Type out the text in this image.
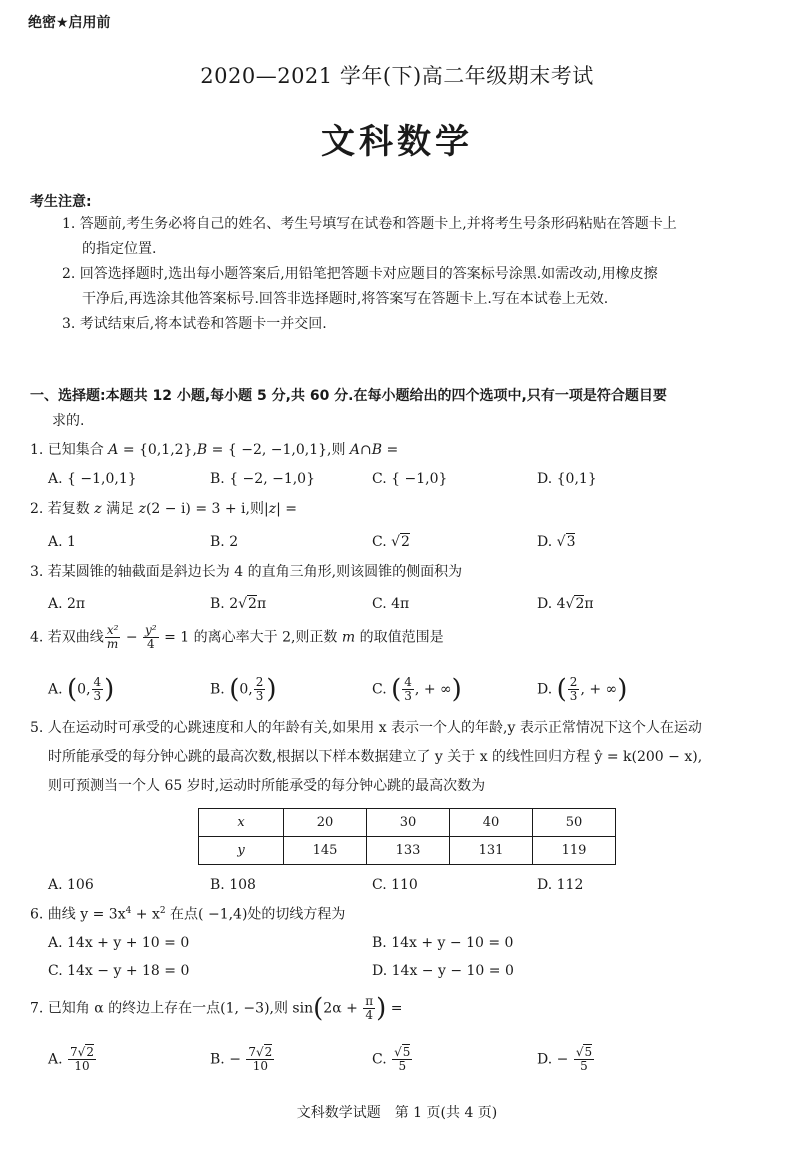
绝密★启用前
2020—2021 学年(下)高二年级期末考试
文科数学
考生注意:
1. 答题前,考生务必将自己的姓名、考生号填写在试卷和答题卡上,并将考生号条形码粘贴在答题卡上
的指定位置.
2. 回答选择题时,选出每小题答案后,用铅笔把答题卡对应题目的答案标号涂黑.如需改动,用橡皮擦
干净后,再选涂其他答案标号.回答非选择题时,将答案写在答题卡上.写在本试卷上无效.
3. 考试结束后,将本试卷和答题卡一并交回.
一、选择题:本题共 12 小题,每小题 5 分,共 60 分.在每小题给出的四个选项中,只有一项是符合题目要
求的.
1. 已知集合 A = {0,1,2},B = { −2, −1,0,1},则 A∩B =
A. { −1,0,1}	B. { −2, −1,0}	C. { −1,0}	D. {0,1}
2. 若复数 z 满足 z(2 − i) = 3 + i,则|z| =
A. 1	B. 2	C. √2	D. √3
3. 若某圆锥的轴截面是斜边长为 4 的直角三角形,则该圆锥的侧面积为
A. 2π	B. 2√2π	C. 4π	D. 4√2π
4. 若双曲线 $\frac{\text{x²}}{m} - \frac{\text{y²}}{4} = 1$ 的离心率大于 2,则正数 m 的取值范围是
A. (0, $\frac{4}{3}$ )	B. (0, $\frac{2}{3}$ )	C. ( $\frac{4}{3}$ , + ∞)	D. ( $\frac{2}{3}$ , + ∞)
5. 人在运动时可承受的心跳速度和人的年龄有关,如果用 x 表示一个人的年龄,y 表示正常情况下这个人在运动
时所能承受的每分钟心跳的最高次数,根据以下样本数据建立了 y 关于 x 的线性回归方程 ŷ = k(200 − x),
则可预测当一个人 65 岁时,运动时所能承受的每分钟心跳的最高次数为
x	20	30	40	50
y	145	133	131	119
A. 106	B. 108	C. 110	D. 112
6. 曲线 $y = 3x^4 + x^2$ 在点( −1,4)处的切线方程为
A. 14x + y + 10 = 0	B. 14x + y − 10 = 0
C. 14x − y + 18 = 0	D. 14x − y − 10 = 0
7. 已知角 α 的终边上存在一点(1, −3),则 $\sin(2\alpha + \frac{\pi}{4}$ ) =
A. $\frac{7√2}{10}$	B. − $\frac{7√2}{10}$	C. $\frac{√5}{5}$	D. − $\frac{√5}{5}$
文科数学试题　第 1 页(共 4 页)
